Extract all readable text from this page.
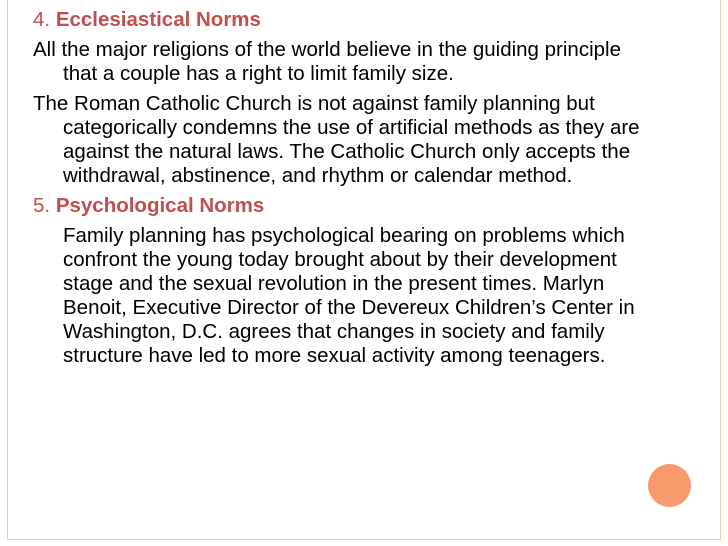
4. Ecclesiastical Norms

All the major religions of the world believe in the guiding principle that a couple has a right to limit family size.

The Roman Catholic Church is not against family planning but categorically condemns the use of artificial methods as they are against the natural laws. The Catholic Church only accepts the withdrawal, abstinence, and rhythm or calendar method.

5. Psychological Norms

Family planning has psychological bearing on problems which confront the young today brought about by their development stage and the sexual revolution in the present times. Marlyn Benoit, Executive Director of the Devereux Children’s Center in Washington, D.C. agrees that changes in society and family structure have led to more sexual activity among teenagers.
